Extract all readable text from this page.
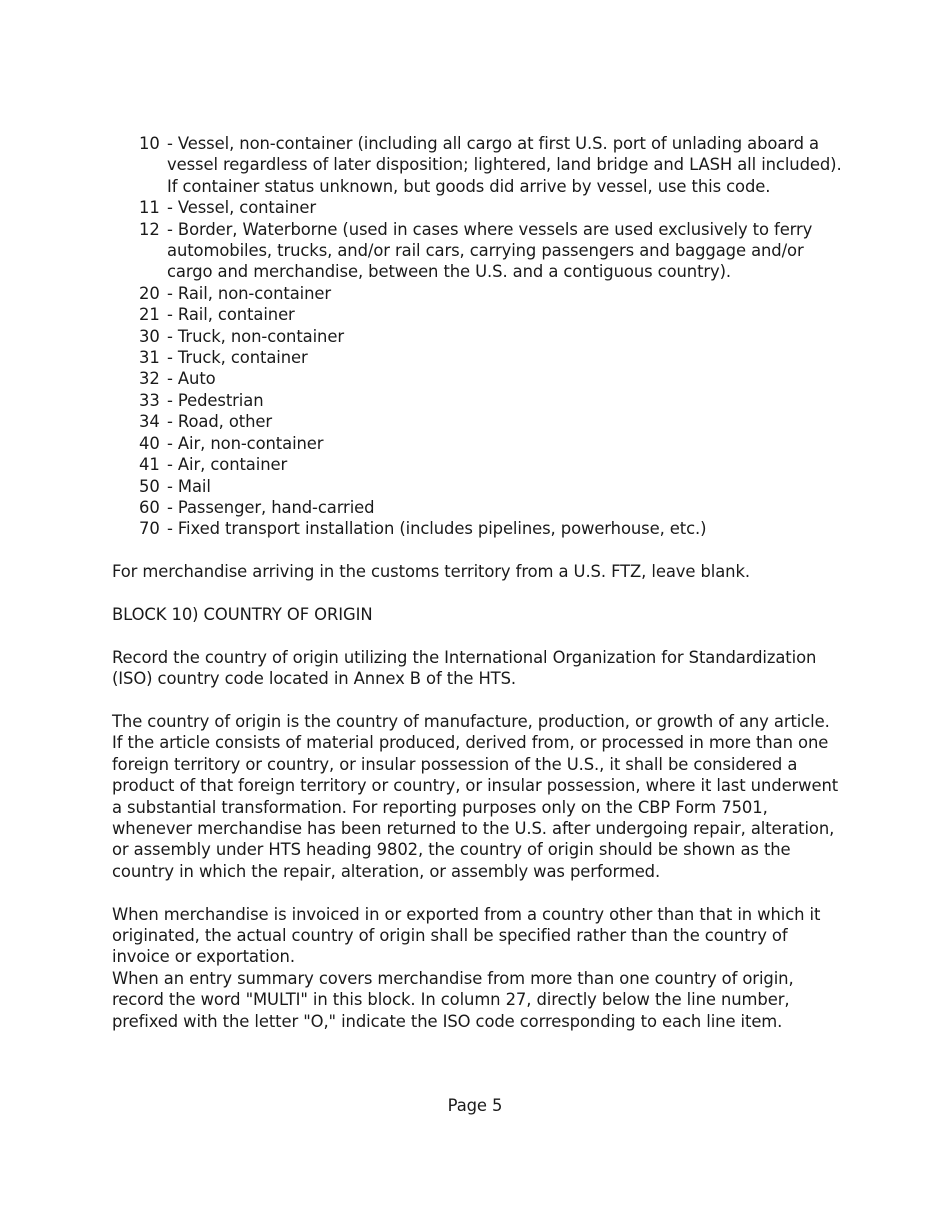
10 - Vessel, non-container (including all cargo at first U.S. port of unlading aboard a vessel regardless of later disposition; lightered, land bridge and LASH all included). If container status unknown, but goods did arrive by vessel, use this code.
11 - Vessel, container
12 - Border, Waterborne (used in cases where vessels are used exclusively to ferry automobiles, trucks, and/or rail cars, carrying passengers and baggage and/or cargo and merchandise, between the U.S. and a contiguous country).
20 - Rail, non-container
21 - Rail, container
30 - Truck, non-container
31 - Truck, container
32 - Auto
33 - Pedestrian
34 - Road, other
40 - Air, non-container
41 - Air, container
50 - Mail
60 - Passenger, hand-carried
70 - Fixed transport installation (includes pipelines, powerhouse, etc.)

For merchandise arriving in the customs territory from a U.S. FTZ, leave blank.

BLOCK 10) COUNTRY OF ORIGIN

Record the country of origin utilizing the International Organization for Standardization (ISO) country code located in Annex B of the HTS.

The country of origin is the country of manufacture, production, or growth of any article. If the article consists of material produced, derived from, or processed in more than one foreign territory or country, or insular possession of the U.S., it shall be considered a product of that foreign territory or country, or insular possession, where it last underwent a substantial transformation. For reporting purposes only on the CBP Form 7501, whenever merchandise has been returned to the U.S. after undergoing repair, alteration, or assembly under HTS heading 9802, the country of origin should be shown as the country in which the repair, alteration, or assembly was performed.

When merchandise is invoiced in or exported from a country other than that in which it originated, the actual country of origin shall be specified rather than the country of invoice or exportation.

When an entry summary covers merchandise from more than one country of origin, record the word "MULTI" in this block. In column 27, directly below the line number, prefixed with the letter "O," indicate the ISO code corresponding to each line item.

Page 5
